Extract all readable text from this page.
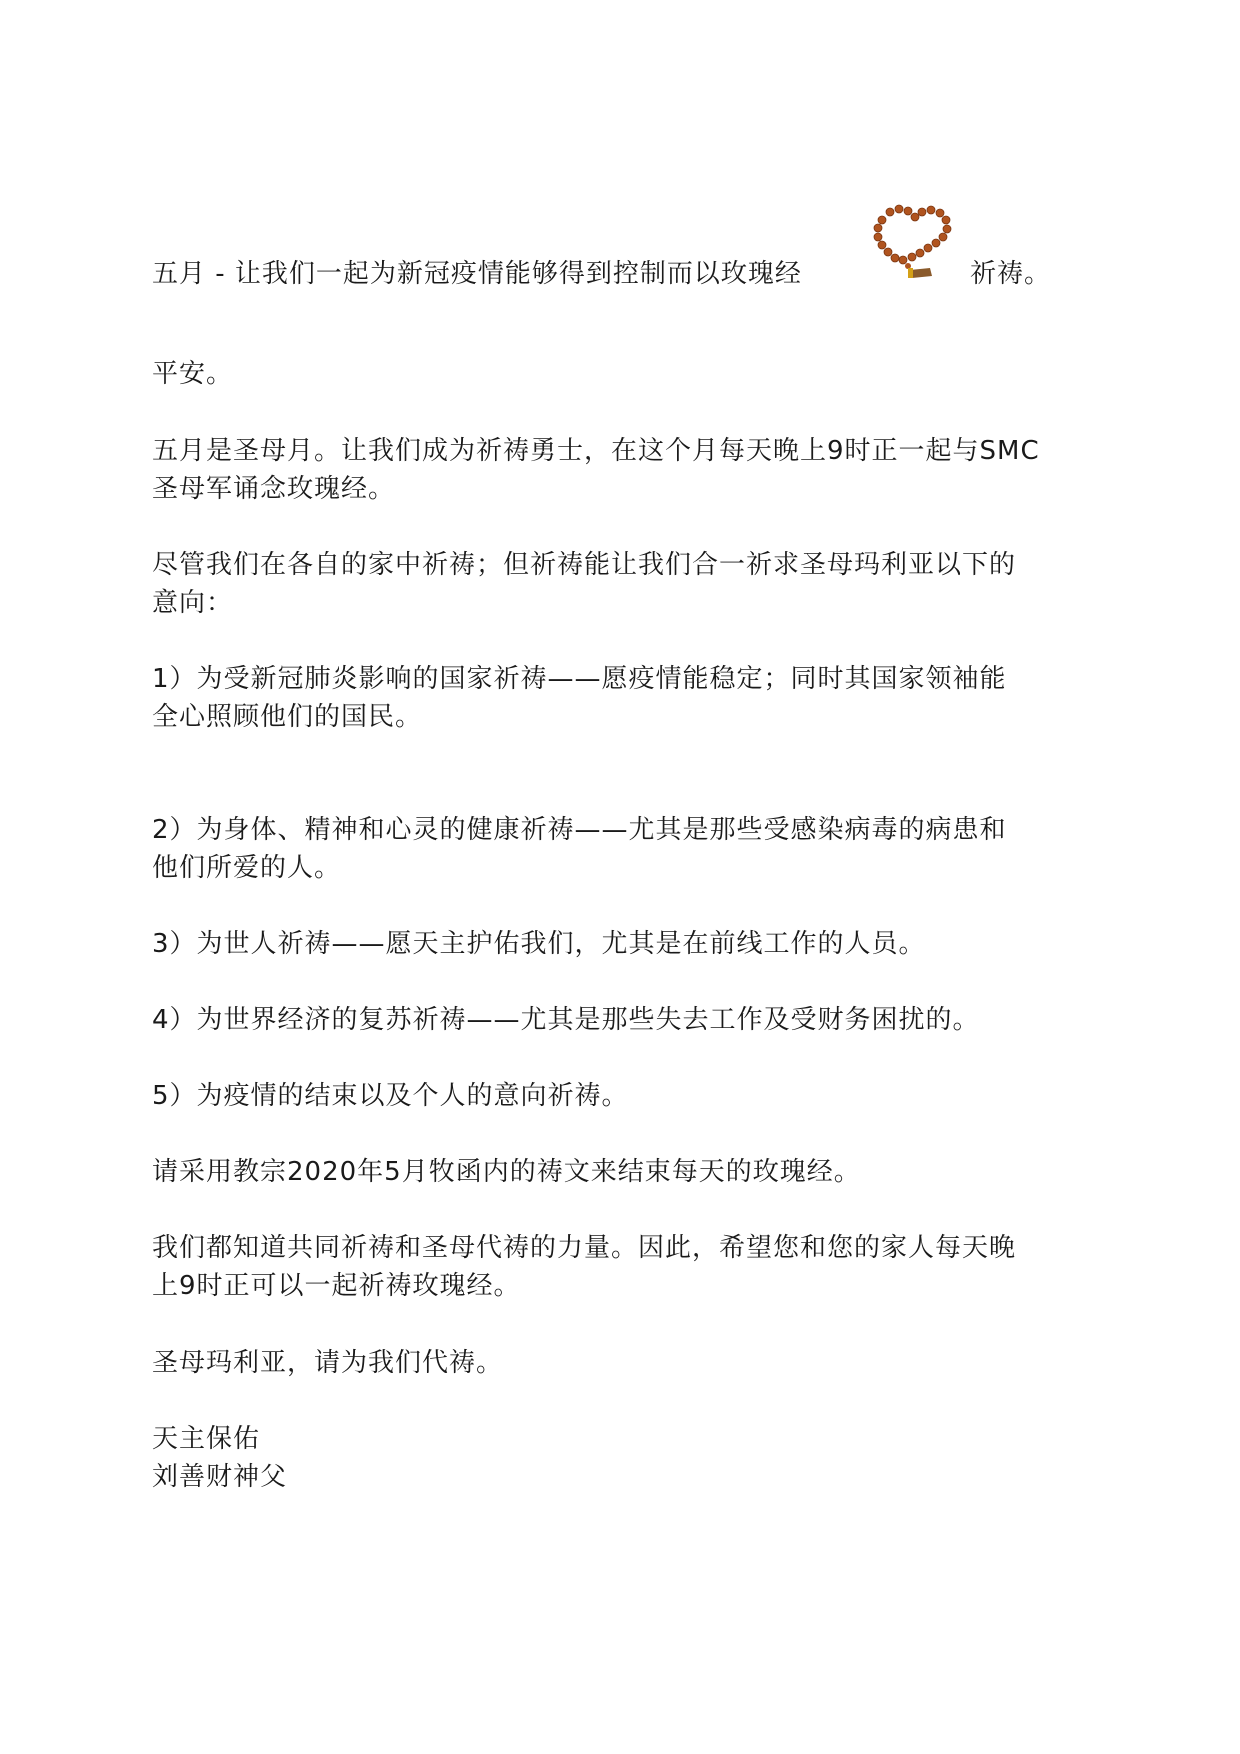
五月 - 让我们一起为新冠疫情能够得到控制而以玫瑰经	祈祷。
平安。
五月是圣母月。让我们成为祈祷勇士，在这个月每天晚上9时正一起与SMC
圣母军诵念玫瑰经。
尽管我们在各自的家中祈祷；但祈祷能让我们合一祈求圣母玛利亚以下的
意向：
1）为受新冠肺炎影响的国家祈祷——愿疫情能稳定；同时其国家领袖能
全心照顾他们的国民。
2）为身体、精神和心灵的健康祈祷——尤其是那些受感染病毒的病患和
他们所爱的人。
3）为世人祈祷——愿天主护佑我们，尤其是在前线工作的人员。
4）为世界经济的复苏祈祷——尤其是那些失去工作及受财务困扰的。
5）为疫情的结束以及个人的意向祈祷。
请采用教宗2020年5月牧函内的祷文来结束每天的玫瑰经。
我们都知道共同祈祷和圣母代祷的力量。因此，希望您和您的家人每天晚
上9时正可以一起祈祷玫瑰经。
圣母玛利亚，请为我们代祷。
天主保佑
刘善财神父
